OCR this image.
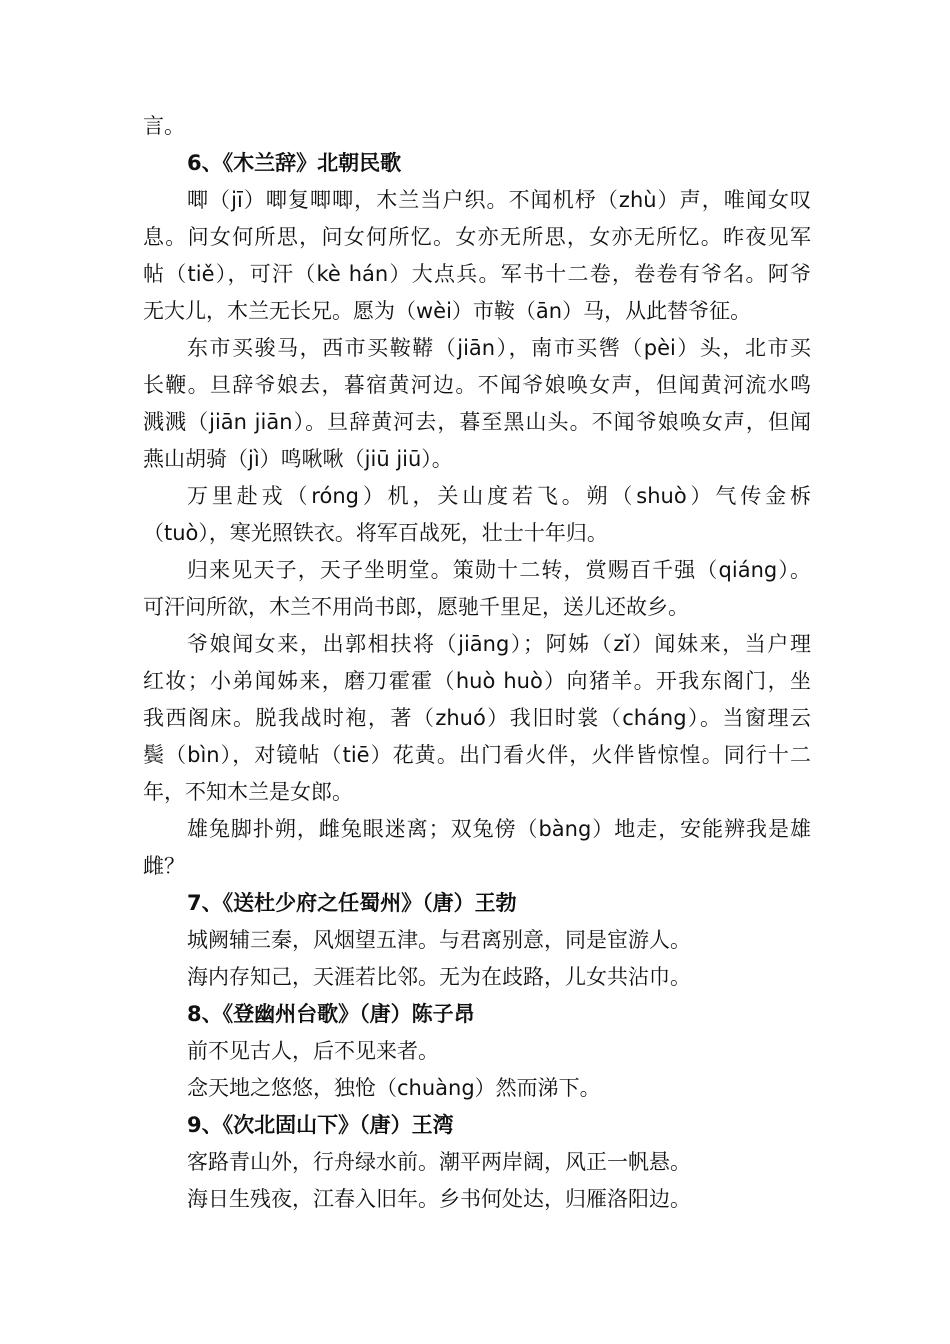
言。
6、《木兰辞》北朝民歌
唧（jī）唧复唧唧，木兰当户织。不闻机杼（zhù）声，唯闻女叹
息。问女何所思，问女何所忆。女亦无所思，女亦无所忆。昨夜见军
帖（tiě），可汗（kè hán）大点兵。军书十二卷，卷卷有爷名。阿爷
无大儿，木兰无长兄。愿为（wèi）市鞍（ān）马，从此替爷征。
东市买骏马，西市买鞍鞯（jiān），南市买辔（pèi）头，北市买
长鞭。旦辞爷娘去，暮宿黄河边。不闻爷娘唤女声，但闻黄河流水鸣
溅溅（jiān jiān）。旦辞黄河去，暮至黑山头。不闻爷娘唤女声，但闻
燕山胡骑（jì）鸣啾啾（jiū jiū）。
万里赴戎（róng）机，关山度若飞。朔（shuò）气传金柝
（tuò），寒光照铁衣。将军百战死，壮士十年归。
归来见天子，天子坐明堂。策勋十二转，赏赐百千强（qiáng）。
可汗问所欲，木兰不用尚书郎，愿驰千里足，送儿还故乡。
爷娘闻女来，出郭相扶将（jiāng）；阿姊（zǐ）闻妹来，当户理
红妆；小弟闻姊来，磨刀霍霍（huò huò）向猪羊。开我东阁门，坐
我西阁床。脱我战时袍，著（zhuó）我旧时裳（cháng）。当窗理云
鬓（bìn），对镜帖（tiē）花黄。出门看火伴，火伴皆惊惶。同行十二
年，不知木兰是女郎。
雄兔脚扑朔，雌兔眼迷离；双兔傍（bàng）地走，安能辨我是雄
雌？
7、《送杜少府之任蜀州》（唐）王勃
城阙辅三秦，风烟望五津。与君离别意，同是宦游人。
海内存知己，天涯若比邻。无为在歧路，儿女共沾巾。
8、《登幽州台歌》（唐）陈子昂
前不见古人，后不见来者。
念天地之悠悠，独怆（chuàng）然而涕下。
9、《次北固山下》（唐）王湾
客路青山外，行舟绿水前。潮平两岸阔，风正一帆悬。
海日生残夜，江春入旧年。乡书何处达，归雁洛阳边。
